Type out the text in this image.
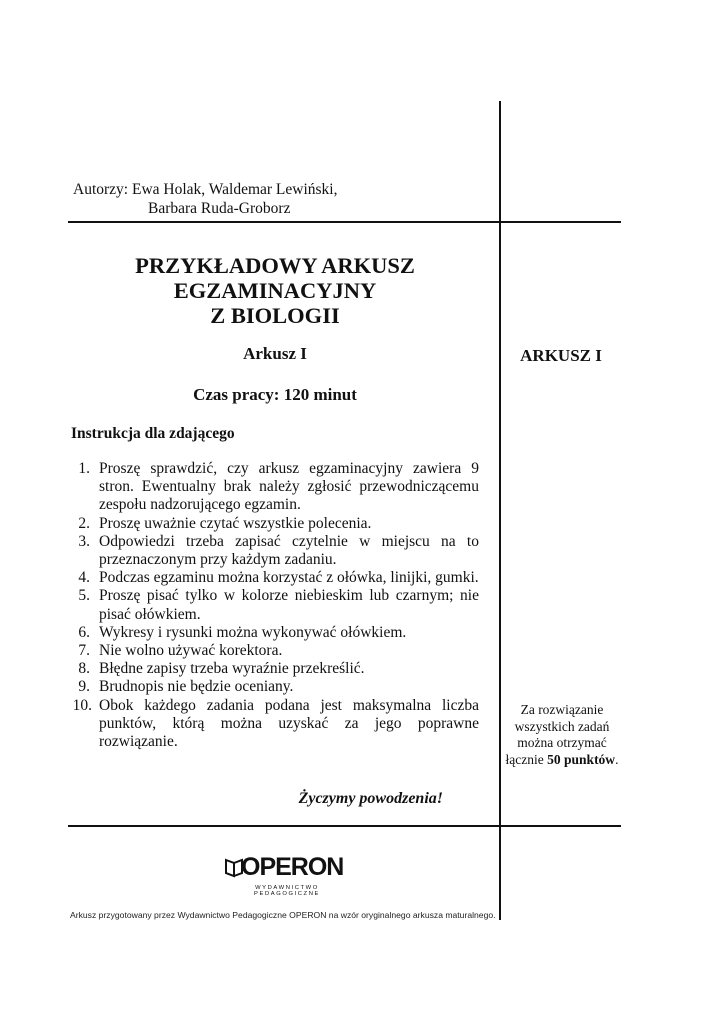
Autorzy: Ewa Holak, Waldemar Lewiński,
Barbara Ruda-Groborz
PRZYKŁADOWY ARKUSZ
EGZAMINACYJNY
Z BIOLOGII
Arkusz I
Czas pracy: 120 minut
Instrukcja dla zdającego
1. Proszę sprawdzić, czy arkusz egzaminacyjny zawiera 9 stron. Ewentualny brak należy zgłosić przewodniczącemu zespołu nadzorującego egzamin.
2. Proszę uważnie czytać wszystkie polecenia.
3. Odpowiedzi trzeba zapisać czytelnie w miejscu na to przeznaczonym przy każdym zadaniu.
4. Podczas egzaminu można korzystać z ołówka, linijki, gumki.
5. Proszę pisać tylko w kolorze niebieskim lub czarnym; nie pisać ołówkiem.
6. Wykresy i rysunki można wykonywać ołówkiem.
7. Nie wolno używać korektora.
8. Błędne zapisy trzeba wyraźnie przekreślić.
9. Brudnopis nie będzie oceniany.
10. Obok każdego zadania podana jest maksymalna liczba punktów, którą można uzyskać za jego poprawne rozwiązanie.
Życzymy powodzenia!
ARKUSZ I
Za rozwiązanie
wszystkich zadań
można otrzymać
łącznie 50 punktów.
OPERON
WYDAWNICTWO PEDAGOGICZNE
Arkusz przygotowany przez Wydawnictwo Pedagogiczne OPERON na wzór oryginalnego arkusza maturalnego.
